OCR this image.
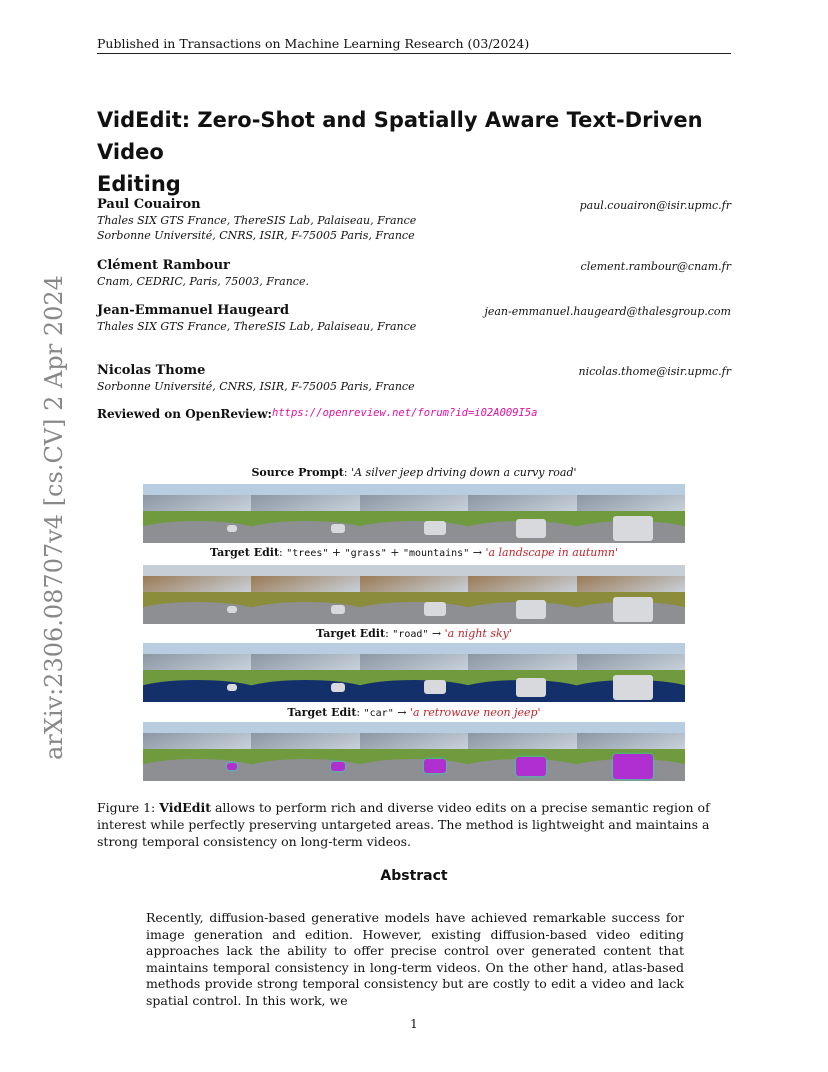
Published in Transactions on Machine Learning Research (03/2024)
VidEdit: Zero-Shot and Spatially Aware Text-Driven Video
Editing
Paul Couairon	paul.couairon@isir.upmc.fr
Thales SIX GTS France, ThereSIS Lab, Palaiseau, France
Sorbonne Université, CNRS, ISIR, F-75005 Paris, France
Clément Rambour	clement.rambour@cnam.fr
Cnam, CEDRIC, Paris, 75003, France.
Jean-Emmanuel Haugeard	jean-emmanuel.haugeard@thalesgroup.com
Thales SIX GTS France, ThereSIS Lab, Palaiseau, France
Nicolas Thome	nicolas.thome@isir.upmc.fr
Sorbonne Université, CNRS, ISIR, F-75005 Paris, France
Reviewed on OpenReview: https://openreview.net/forum?id=i02A009I5a
arXiv:2306.08707v4 [cs.CV] 2 Apr 2024	Source Prompt: 'A silver jeep driving down a curvy road'
Target Edit: "trees" + "grass" + "mountains" → 'a landscape in autumn'
Target Edit: "road" → 'a night sky'
Target Edit: "car" → 'a retrowave neon jeep'
Figure 1: VidEdit allows to perform rich and diverse video edits on a precise semantic region of interest while perfectly preserving untargeted areas. The method is lightweight and maintains a strong temporal consistency on long-term videos.
Abstract
Recently, diffusion-based generative models have achieved remarkable success for image generation and edition. However, existing diffusion-based video editing approaches lack the ability to offer precise control over generated content that maintains temporal consistency in long-term videos. On the other hand, atlas-based methods provide strong temporal consistency but are costly to edit a video and lack spatial control. In this work, we
1
